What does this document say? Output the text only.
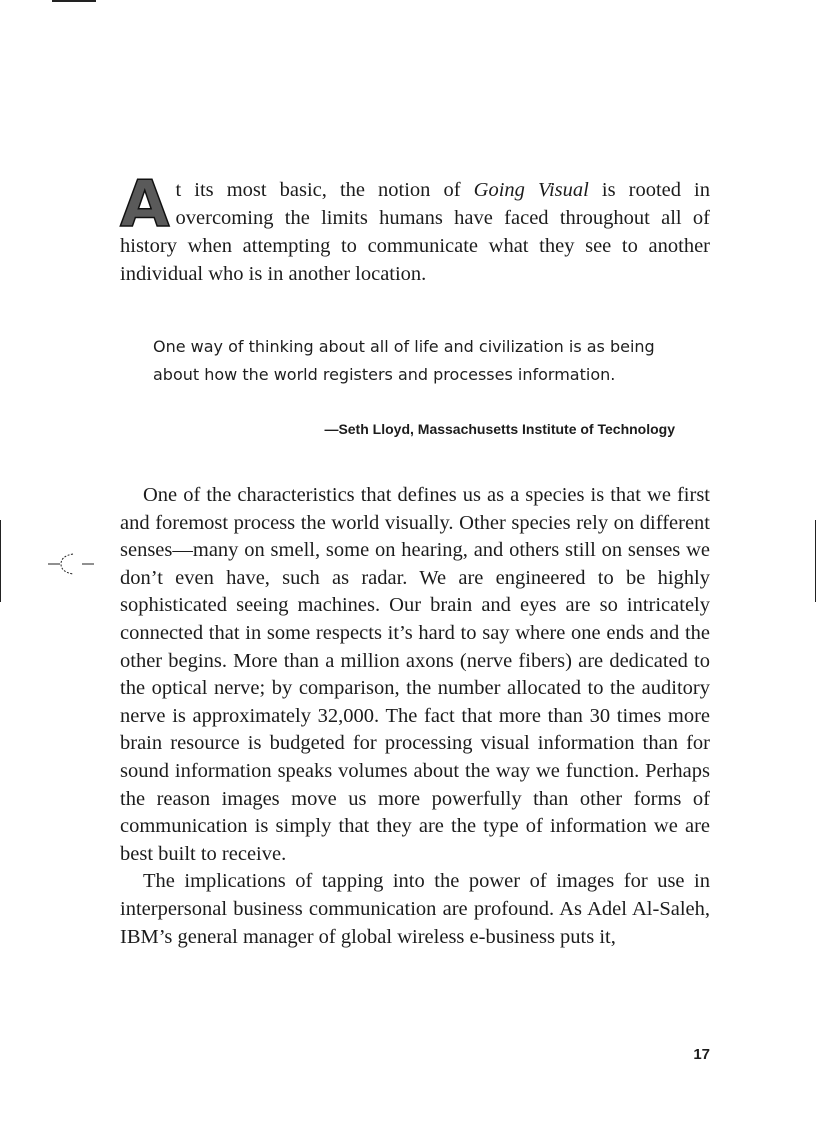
At its most basic, the notion of Going Visual is rooted in overcoming the limits humans have faced throughout all of history when attempting to communicate what they see to another individual who is in another location.

One way of thinking about all of life and civilization is as being about how the world registers and processes information.

—Seth Lloyd, Massachusetts Institute of Technology

One of the characteristics that defines us as a species is that we first and foremost process the world visually. Other species rely on different senses—many on smell, some on hearing, and others still on senses we don’t even have, such as radar. We are engineered to be highly sophisticated seeing machines. Our brain and eyes are so intricately connected that in some respects it’s hard to say where one ends and the other begins. More than a million axons (nerve fibers) are dedicated to the optical nerve; by comparison, the number allocated to the auditory nerve is approximately 32,000. The fact that more than 30 times more brain resource is budgeted for processing visual information than for sound information speaks volumes about the way we function. Perhaps the reason images move us more powerfully than other forms of communication is simply that they are the type of information we are best built to receive.

The implications of tapping into the power of images for use in interpersonal business communication are profound. As Adel Al-Saleh, IBM’s general manager of global wireless e-business puts it,

17
